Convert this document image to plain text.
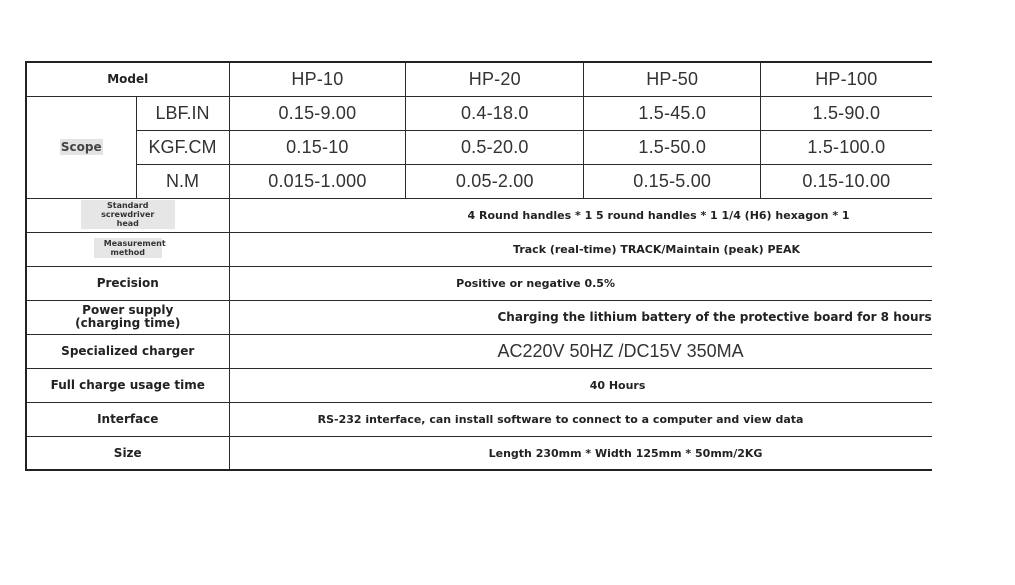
Model		HP-10	HP-20	HP-50	HP-100
Scope	LBF.IN	0.15-9.00	0.4-18.0	1.5-45.0	1.5-90.0
	KGF.CM	0.15-10	0.5-20.0	1.5-50.0	1.5-100.0
	N.M	0.015-1.000	0.05-2.00	0.15-5.00	0.15-10.00
Standard screwdriver head		4 Round handles * 1 5 round handles * 1 1/4 (H6) hexagon * 1			
Measurement method		Track (real-time) TRACK/Maintain (peak) PEAK			
Precision		Positive or negative 0.5%			

Power supply (charging time)		Charging the lithium battery of the protective board for 8 hours			
Specialized charger		AC220V 50HZ /DC15V 350MA			
Full charge usage time		40 Hours			
Interface		RS-232 interface, can install software to connect to a computer and view data			
Size		Length 230mm * Width 125mm * 50mm/2KG			
